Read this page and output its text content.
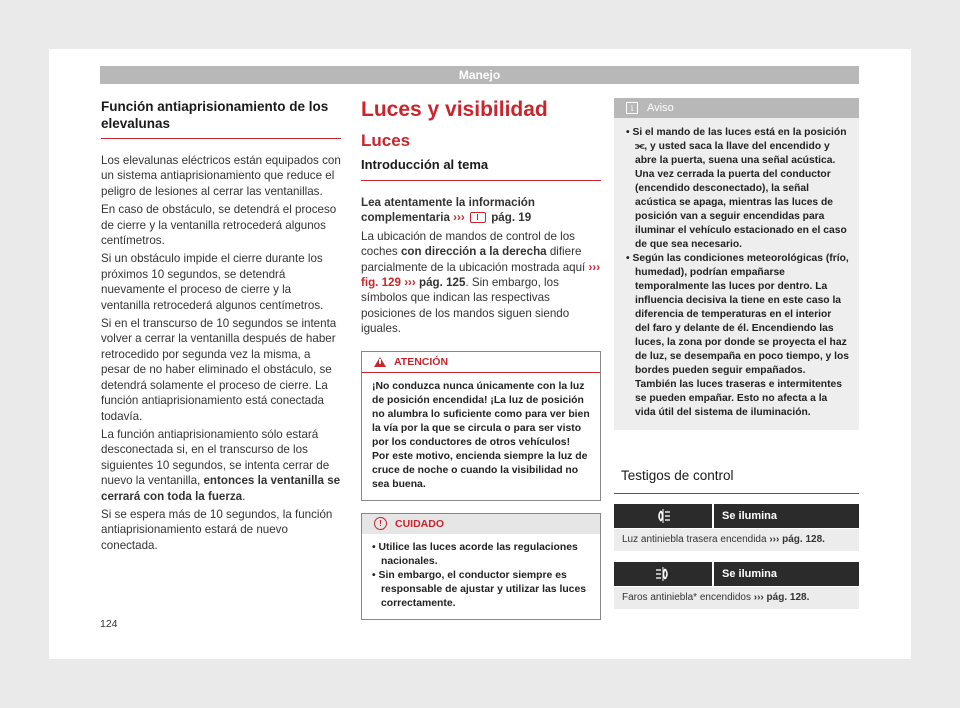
Manejo
Función antiaprisionamiento de los elevalunas

Los elevalunas eléctricos están equipados con un sistema antiaprisionamiento que reduce el peligro de lesiones al cerrar las ventanillas.

En caso de obstáculo, se detendrá el proceso de cierre y la ventanilla retrocederá algunos centímetros.

Si un obstáculo impide el cierre durante los próximos 10 segundos, se detendrá nuevamente el proceso de cierre y la ventanilla retrocederá algunos centímetros.

Si en el transcurso de 10 segundos se intenta volver a cerrar la ventanilla después de haber retrocedido por segunda vez la misma, a pesar de no haber eliminado el obstáculo, se detendrá solamente el proceso de cierre. La función antiaprisionamiento está conectada todavía.

La función antiaprisionamiento sólo estará desconectada si, en el transcurso de los siguientes 10 segundos, se intenta cerrar de nuevo la ventanilla, entonces la ventanilla se cerrará con toda la fuerza.

Si se espera más de 10 segundos, la función antiaprisionamiento estará de nuevo conectada.

Luces y visibilidad
Luces
Introducción al tema

Lea atentamente la información complementaria ››› pág. 19

La ubicación de mandos de control de los coches con dirección a la derecha difiere parcialmente de la ubicación mostrada aquí ››› fig. 129 ››› pág. 125. Sin embargo, los símbolos que indican las respectivas posiciones de los mandos siguen siendo iguales.

ATENCIÓN

¡No conduzca nunca únicamente con la luz de posición encendida! ¡La luz de posición no alumbra lo suficiente como para ver bien la vía por la que se circula o para ser visto por los conductores de otros vehículos! Por este motivo, encienda siempre la luz de cruce de noche o cuando la visibilidad no sea buena.

!	CUIDADO

• Utilice las luces acorde las regulaciones nacionales.

• Sin embargo, el conductor siempre es responsable de ajustar y utilizar las luces correctamente.

i	Aviso

• Si el mando de las luces está en la posición ⫘, y usted saca la llave del encendido y abre la puerta, suena una señal acústica. Una vez cerrada la puerta del conductor (encendido desconectado), la señal acústica se apaga, mientras las luces de posición van a seguir encendidas para iluminar el vehículo estacionado en el caso de que sea necesario.

• Según las condiciones meteorológicas (frío, humedad), podrían empañarse temporalmente las luces por dentro. La influencia decisiva la tiene en este caso la diferencia de temperaturas en el interior del faro y delante de él. Encendiendo las luces, la zona por donde se proyecta el haz de luz, se desempaña en poco tiempo, y los bordes pueden seguir empañados. También las luces traseras e intermitentes se pueden empañar. Esto no afecta a la vida útil del sistema de iluminación.

Testigos de control
Se ilumina
Luz antiniebla trasera encendida ››› pág. 128.
Se ilumina
Faros antiniebla* encendidos ››› pág. 128.
124
